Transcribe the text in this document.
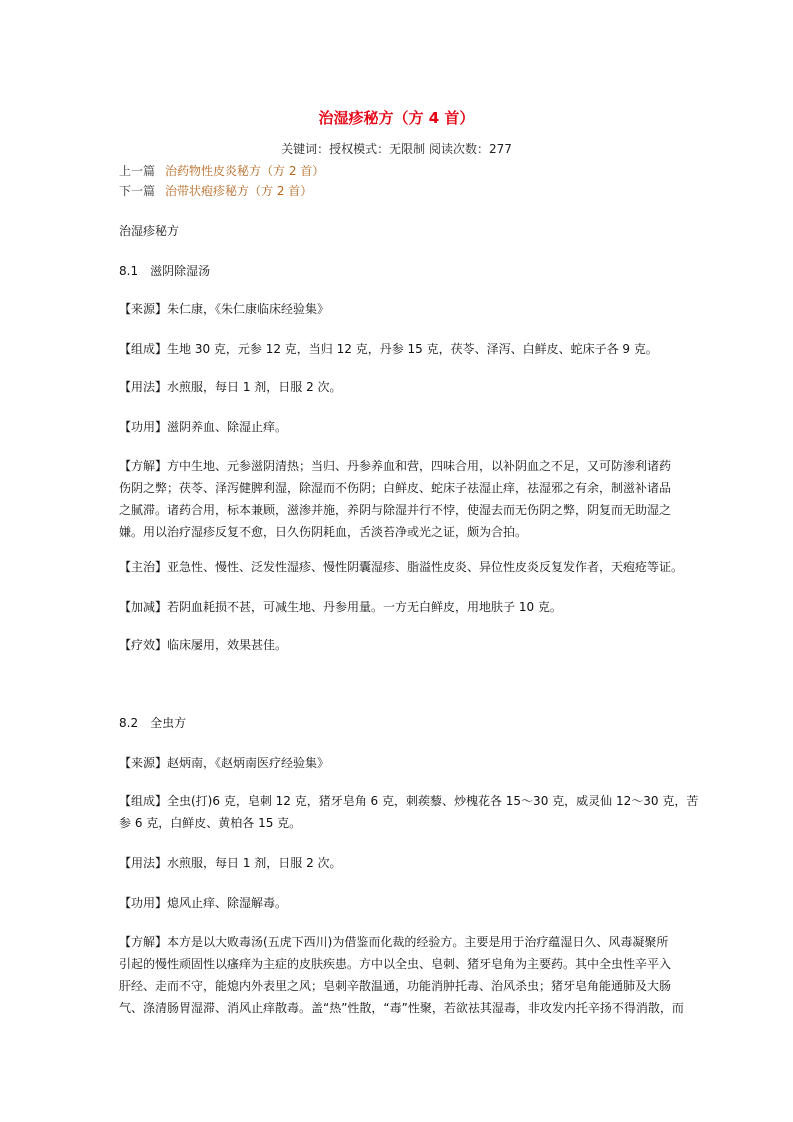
治湿疹秘方（方 4 首）
关键词：授权模式：无限制 阅读次数：277
上一篇 治药物性皮炎秘方（方 2 首）
下一篇 治带状疱疹秘方（方 2 首）
治湿疹秘方
8.1　滋阴除湿汤
【来源】朱仁康，《朱仁康临床经验集》
【组成】生地 30 克，元参 12 克，当归 12 克，丹参 15 克，茯苓、泽泻、白鲜皮、蛇床子各 9 克。
【用法】水煎服，每日 1 剂，日服 2 次。
【功用】滋阴养血、除湿止痒。
【方解】方中生地、元参滋阴清热；当归、丹参养血和营，四味合用，以补阴血之不足，又可防渗利诸药
伤阴之弊；茯苓、泽泻健脾利湿，除湿而不伤阴；白鲜皮、蛇床子祛湿止痒，祛湿邪之有余，制滋补诸品
之腻滞。诸药合用，标本兼顾，滋渗并施，养阴与除湿并行不悖，使湿去而无伤阴之弊，阴复而无助湿之
嫌。用以治疗湿疹反复不愈，日久伤阴耗血，舌淡苔净或光之证，颇为合拍。
【主治】亚急性、慢性、泛发性湿疹、慢性阴囊湿疹、脂溢性皮炎、异位性皮炎反复发作者，天疱疮等证。
【加减】若阴血耗损不甚，可减生地、丹参用量。一方无白鲜皮，用地肤子 10 克。
【疗效】临床屡用，效果甚佳。
8.2　全虫方
【来源】赵炳南，《赵炳南医疗经验集》
【组成】全虫(打)6 克，皂刺 12 克，猪牙皂角 6 克，刺蒺藜、炒槐花各 15～30 克，威灵仙 12～30 克，苦
参 6 克，白鲜皮、黄柏各 15 克。
【用法】水煎服，每日 1 剂，日服 2 次。
【功用】熄风止痒、除湿解毒。
【方解】本方是以大败毒汤(五虎下西川)为借鉴而化裁的经验方。主要是用于治疗蕴湿日久、风毒凝聚所
引起的慢性顽固性以瘙痒为主症的皮肤疾患。方中以全虫、皂刺、猪牙皂角为主要药。其中全虫性辛平入
肝经、走而不守，能熄内外表里之风；皂刺辛散温通，功能消肿托毒、治风杀虫；猪牙皂角能通肺及大肠
气、涤清肠胃湿滞、消风止痒散毒。盖“热”性散，“毒”性聚，若欲祛其湿毒，非攻发内托辛扬不得消散，而
